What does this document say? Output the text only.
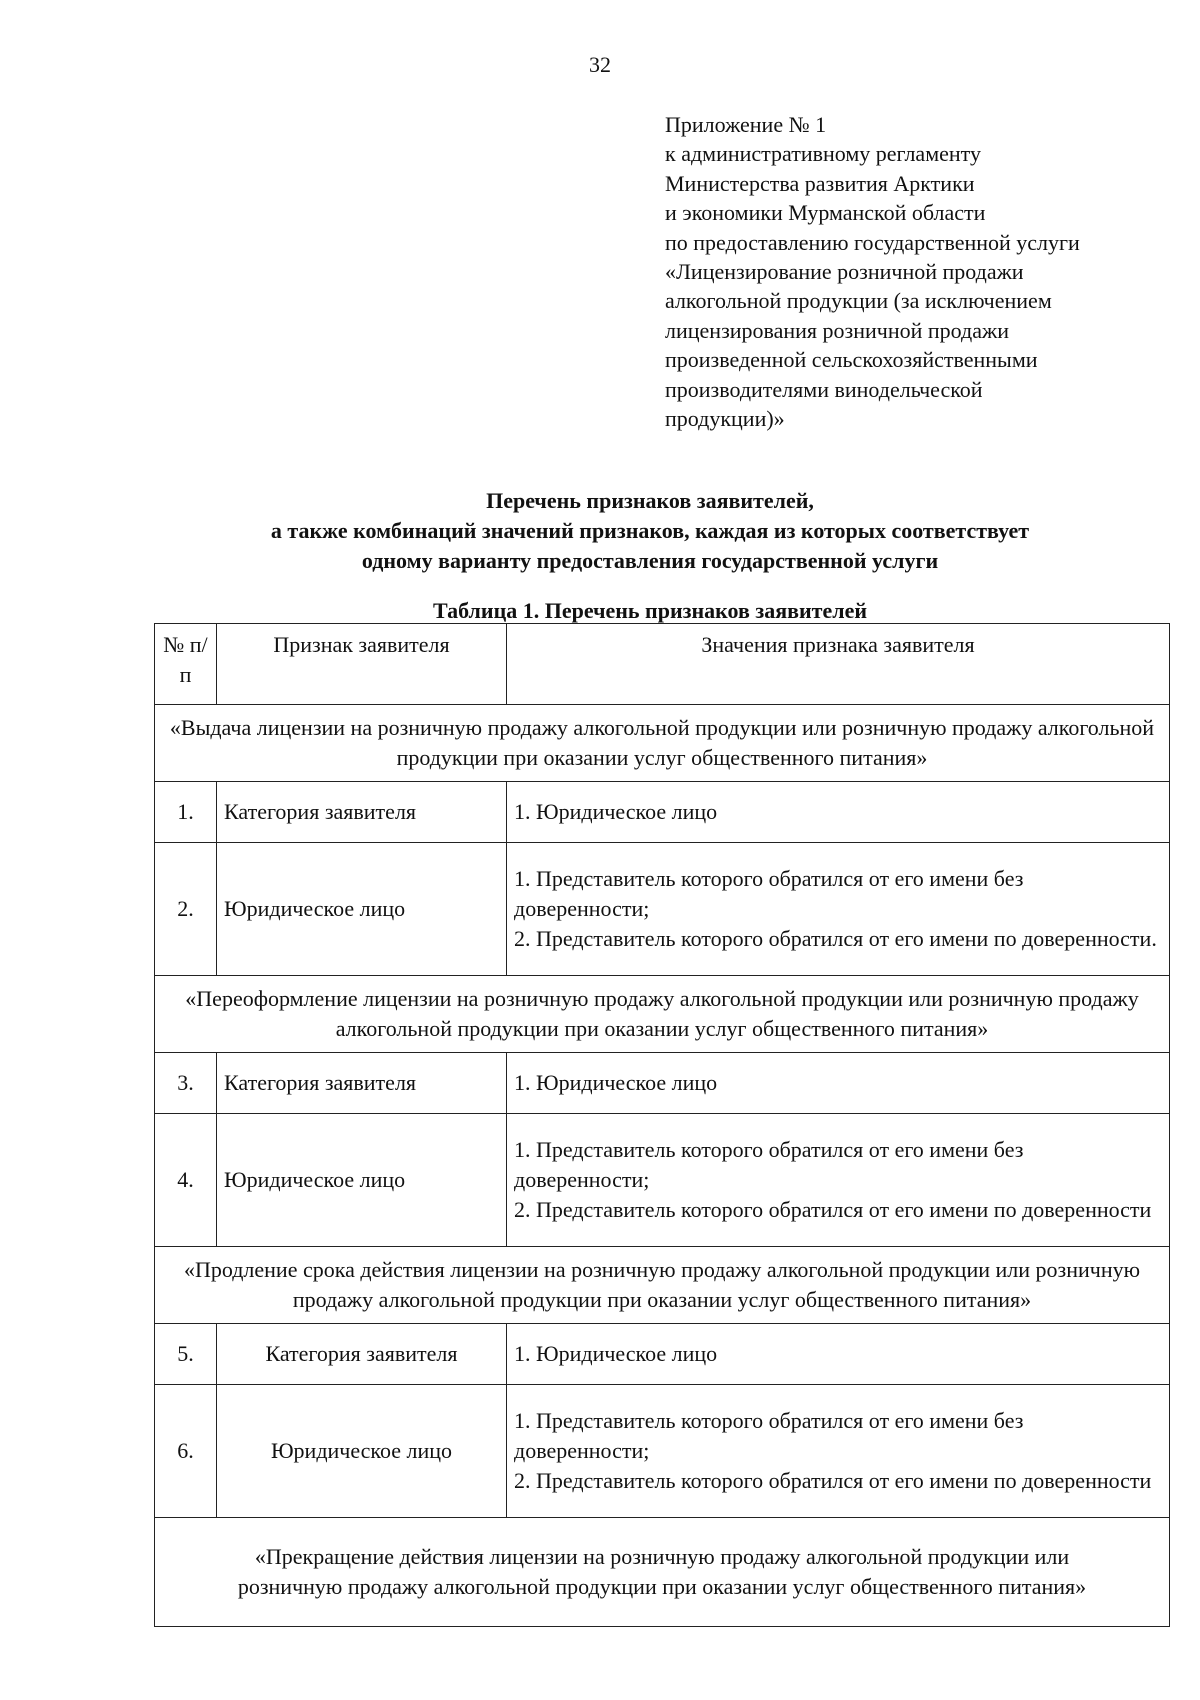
32
Приложение № 1
к административному регламенту
Министерства развития Арктики
и экономики Мурманской области
по предоставлению государственной услуги
«Лицензирование розничной продажи
алкогольной продукции (за исключением
лицензирования розничной продажи
произведенной сельскохозяйственными
производителями винодельческой
продукции)»
Перечень признаков заявителей,
а также комбинаций значений признаков, каждая из которых соответствует
одному варианту предоставления государственной услуги
Таблица 1. Перечень признаков заявителей
№ п/п	Признак заявителя	Значения признака заявителя
«Выдача лицензии на розничную продажу алкогольной продукции или розничную продажу алкогольной продукции при оказании услуг общественного питания»		
1.	Категория заявителя	1. Юридическое лицо

2.	Юридическое лицо	1. Представитель которого обратился от его имени без доверенности;
2. Представитель которого обратился от его имени по доверенности.

«Переоформление лицензии на розничную продажу алкогольной продукции или розничную продажу алкогольной продукции при оказании услуг общественного питания»		
3.	Категория заявителя	1. Юридическое лицо

4.	Юридическое лицо	1. Представитель которого обратился от его имени без доверенности;
2. Представитель которого обратился от его имени по доверенности

«Продление срока действия лицензии на розничную продажу алкогольной продукции или розничную продажу алкогольной продукции при оказании услуг общественного питания»		
5.	Категория заявителя	1. Юридическое лицо

6.	Юридическое лицо	1. Представитель которого обратился от его имени без доверенности;
2. Представитель которого обратился от его имени по доверенности

«Прекращение действия лицензии на розничную продажу алкогольной продукции или розничную продажу алкогольной продукции при оказании услуг общественного питания»		
